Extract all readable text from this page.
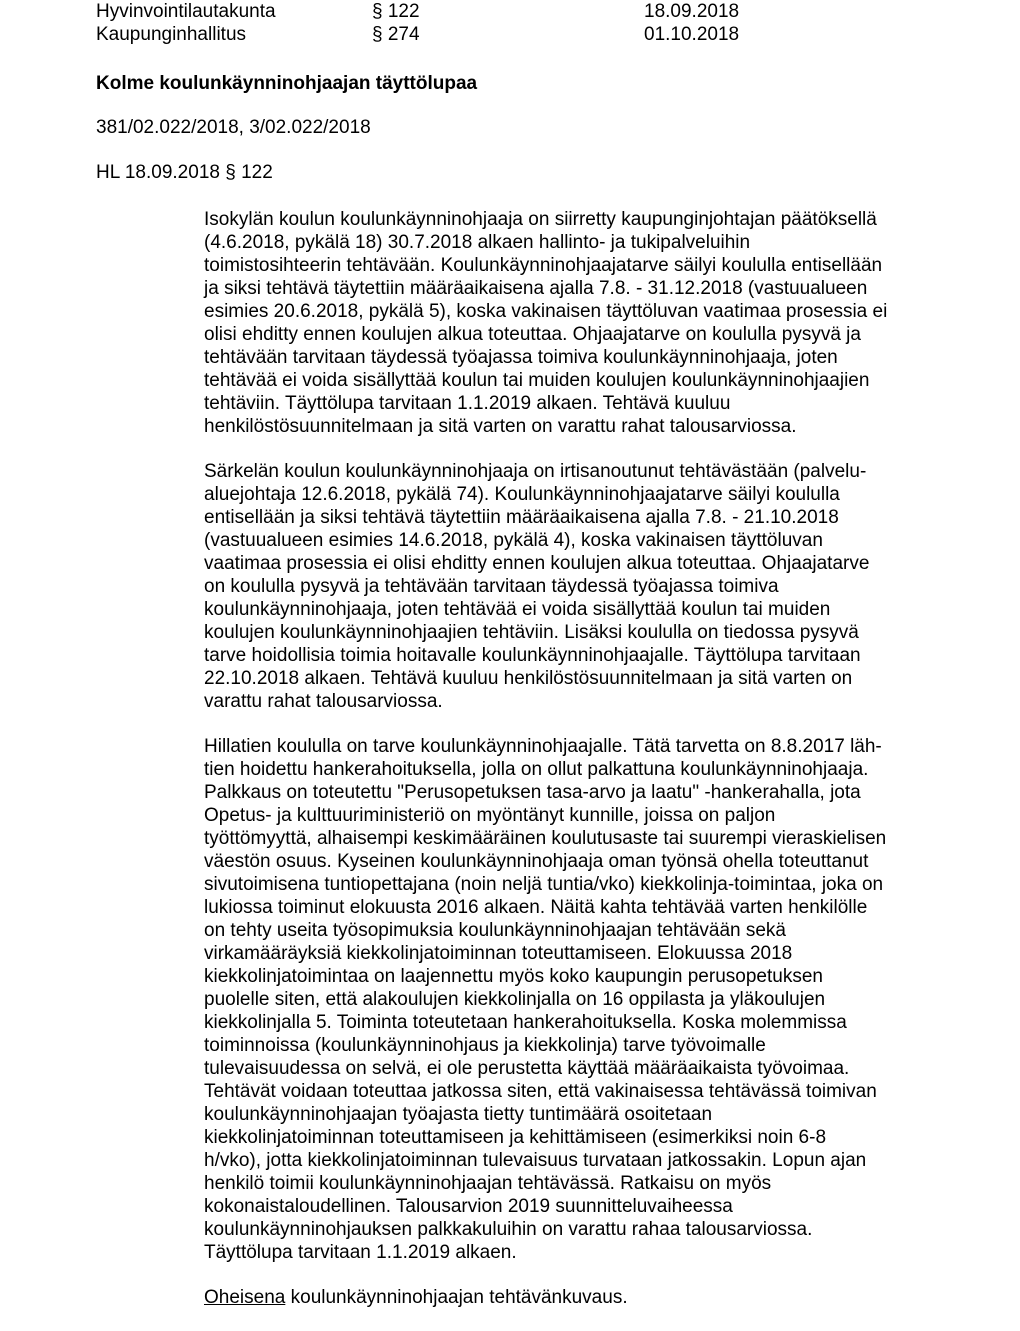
Hyvinvointilautakunta	§ 122	18.09.2018
Kaupunginhallitus	§ 274	01.10.2018
Kolme koulunkäynninohjaajan täyttölupaa
381/02.022/2018, 3/02.022/2018
HL 18.09.2018 § 122
Isokylän koulun koulunkäynninohjaaja on siirretty kaupunginjohtajan päätöksellä
(4.6.2018, pykälä 18) 30.7.2018 alkaen hallinto- ja tukipalveluihin
toimistosihteerin tehtävään. Koulunkäynninohjaajatarve säilyi koululla entisellään
ja siksi tehtävä täytettiin määräaikaisena ajalla 7.8. - 31.12.2018 (vastuualueen
esimies 20.6.2018, pykälä 5), koska vakinaisen täyttöluvan vaatimaa prosessia ei
olisi ehditty ennen koulujen alkua toteuttaa. Ohjaajatarve on koululla pysyvä ja
tehtävään tarvitaan täydessä työajassa toimiva koulunkäynninohjaaja, joten
tehtävää ei voida sisällyttää koulun tai muiden koulujen koulunkäynninohjaajien
tehtäviin. Täyttölupa tarvitaan 1.1.2019 alkaen. Tehtävä kuuluu
henkilöstösuunnitelmaan ja sitä varten on varattu rahat talousarviossa.
Särkelän koulun koulunkäynninohjaaja on irtisanoutunut tehtävästään (palvelu-
aluejohtaja 12.6.2018, pykälä 74). Koulunkäynninohjaajatarve säilyi koululla
entisellään ja siksi tehtävä täytettiin määräaikaisena ajalla 7.8. - 21.10.2018
(vastuualueen esimies 14.6.2018, pykälä 4), koska vakinaisen täyttöluvan
vaatimaa prosessia ei olisi ehditty ennen koulujen alkua toteuttaa. Ohjaajatarve
on koululla pysyvä ja tehtävään tarvitaan täydessä työajassa toimiva
koulunkäynninohjaaja, joten tehtävää ei voida sisällyttää koulun tai muiden
koulujen koulunkäynninohjaajien tehtäviin. Lisäksi koululla on tiedossa pysyvä
tarve hoidollisia toimia hoitavalle koulunkäynninohjaajalle. Täyttölupa tarvitaan
22.10.2018 alkaen. Tehtävä kuuluu henkilöstösuunnitelmaan ja sitä varten on
varattu rahat talousarviossa.
Hillatien koululla on tarve koulunkäynninohjaajalle. Tätä tarvetta on 8.8.2017 läh-
tien hoidettu hankerahoituksella, jolla on ollut palkattuna koulunkäynninohjaaja.
Palkkaus on toteutettu "Perusopetuksen tasa-arvo ja laatu" -hankerahalla, jota
Opetus- ja kulttuuriministeriö on myöntänyt kunnille, joissa on paljon
työttömyyttä, alhaisempi keskimääräinen koulutusaste tai suurempi vieraskielisen
väestön osuus. Kyseinen koulunkäynninohjaaja oman työnsä ohella toteuttanut
sivutoimisena tuntiopettajana (noin neljä tuntia/vko) kiekkolinja-toimintaa, joka on
lukiossa toiminut elokuusta 2016 alkaen. Näitä kahta tehtävää varten henkilölle
on tehty useita työsopimuksia koulunkäynninohjaajan tehtävään sekä
virkamääräyksiä kiekkolinjatoiminnan toteuttamiseen. Elokuussa 2018
kiekkolinjatoimintaa on laajennettu myös koko kaupungin perusopetuksen
puolelle siten, että alakoulujen kiekkolinjalla on 16 oppilasta ja yläkoulujen
kiekkolinjalla 5. Toiminta toteutetaan hankerahoituksella. Koska molemmissa
toiminnoissa (koulunkäynninohjaus ja kiekkolinja) tarve työvoimalle
tulevaisuudessa on selvä, ei ole perustetta käyttää määräaikaista työvoimaa.
Tehtävät voidaan toteuttaa jatkossa siten, että vakinaisessa tehtävässä toimivan
koulunkäynninohjaajan työajasta tietty tuntimäärä osoitetaan
kiekkolinjatoiminnan toteuttamiseen ja kehittämiseen (esimerkiksi noin 6-8
h/vko), jotta kiekkolinjatoiminnan tulevaisuus turvataan jatkossakin. Lopun ajan
henkilö toimii koulunkäynninohjaajan tehtävässä. Ratkaisu on myös
kokonaistaloudellinen. Talousarvion 2019 suunnitteluvaiheessa
koulunkäynninohjauksen palkkakuluihin on varattu rahaa talousarviossa.
Täyttölupa tarvitaan 1.1.2019 alkaen.
Oheisena koulunkäynninohjaajan tehtävänkuvaus.
